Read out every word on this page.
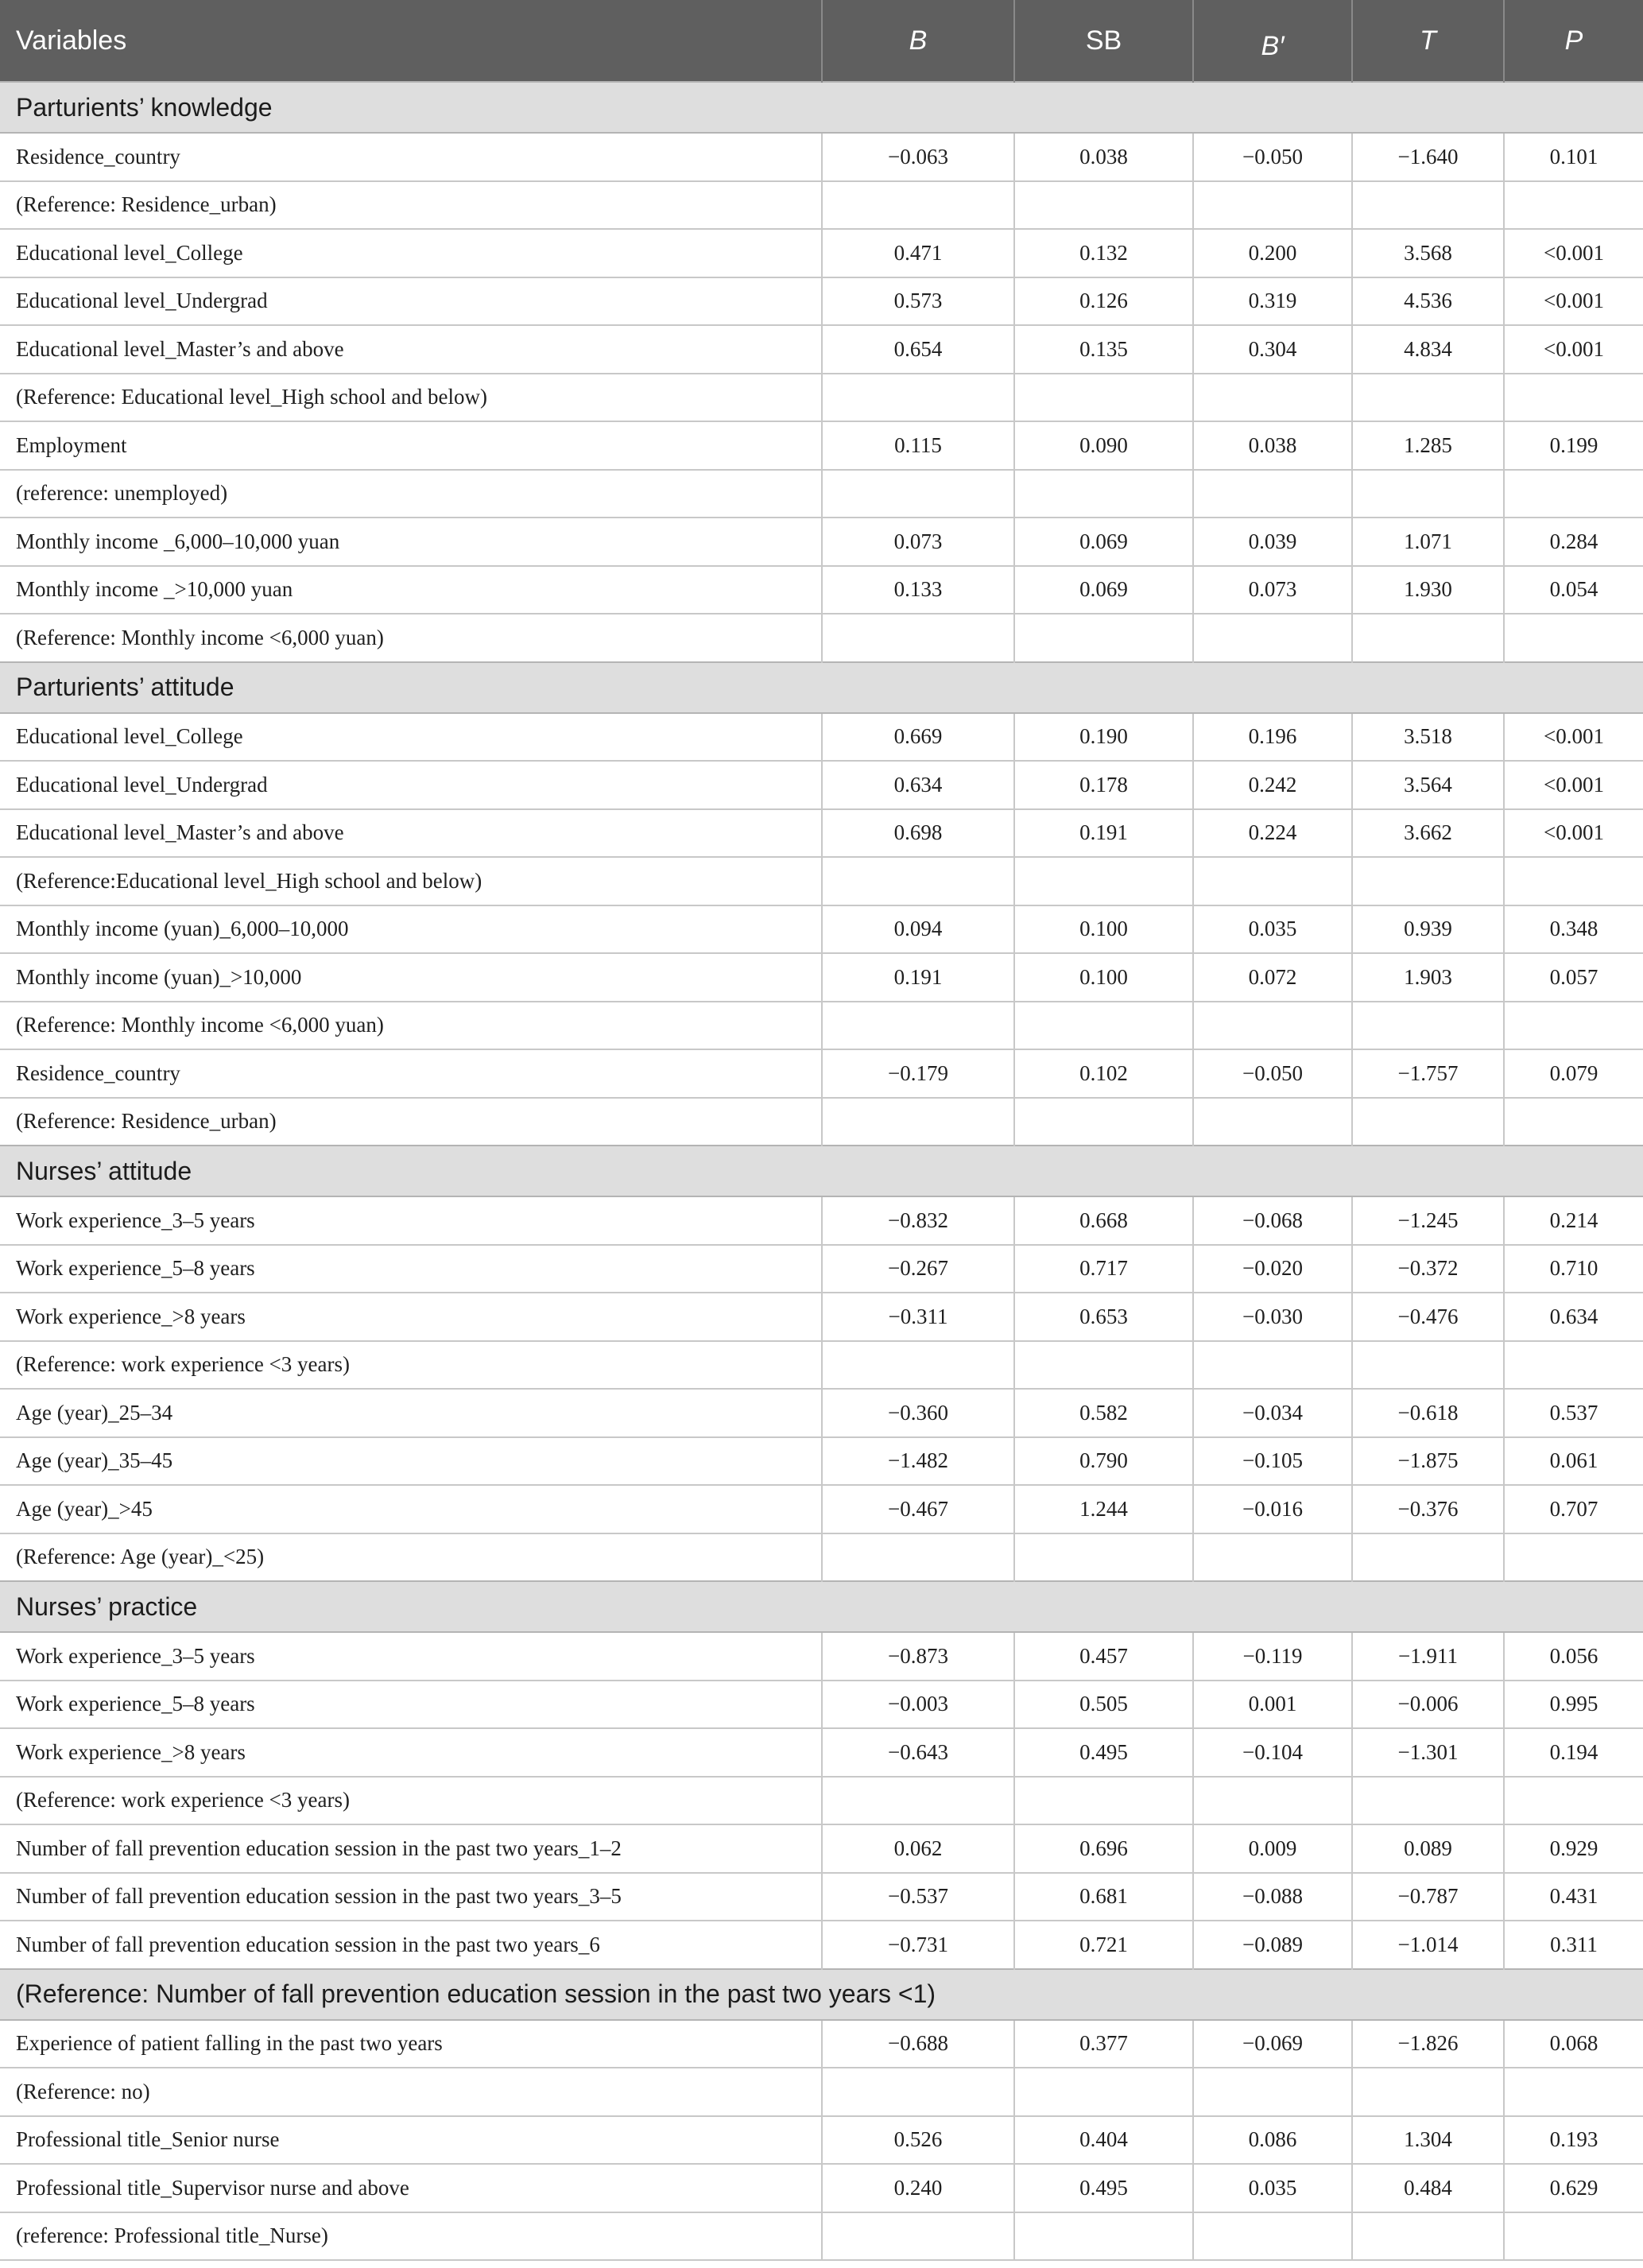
Variables	B	SB	B′	T	P
Parturients’ knowledge					
Residence_country	−0.063	0.038	−0.050	−1.640	0.101
(Reference: Residence_urban)					
Educational level_College	0.471	0.132	0.200	3.568	<0.001
Educational level_Undergrad	0.573	0.126	0.319	4.536	<0.001
Educational level_Master’s and above	0.654	0.135	0.304	4.834	<0.001
(Reference: Educational level_High school and below)					
Employment	0.115	0.090	0.038	1.285	0.199
(reference: unemployed)					
Monthly income _6,000–10,000 yuan	0.073	0.069	0.039	1.071	0.284
Monthly income _>10,000 yuan	0.133	0.069	0.073	1.930	0.054
(Reference: Monthly income <6,000 yuan)					
Parturients’ attitude					
Educational level_College	0.669	0.190	0.196	3.518	<0.001
Educational level_Undergrad	0.634	0.178	0.242	3.564	<0.001
Educational level_Master’s and above	0.698	0.191	0.224	3.662	<0.001
(Reference:Educational level_High school and below)					
Monthly income (yuan)_6,000–10,000	0.094	0.100	0.035	0.939	0.348
Monthly income (yuan)_>10,000	0.191	0.100	0.072	1.903	0.057
(Reference: Monthly income <6,000 yuan)					
Residence_country	−0.179	0.102	−0.050	−1.757	0.079
(Reference: Residence_urban)					
Nurses’ attitude					
Work experience_3–5 years	−0.832	0.668	−0.068	−1.245	0.214
Work experience_5–8 years	−0.267	0.717	−0.020	−0.372	0.710
Work experience_>8 years	−0.311	0.653	−0.030	−0.476	0.634
(Reference: work experience <3 years)					
Age (year)_25–34	−0.360	0.582	−0.034	−0.618	0.537
Age (year)_35–45	−1.482	0.790	−0.105	−1.875	0.061
Age (year)_>45	−0.467	1.244	−0.016	−0.376	0.707
(Reference: Age (year)_<25)					
Nurses’ practice					
Work experience_3–5 years	−0.873	0.457	−0.119	−1.911	0.056
Work experience_5–8 years	−0.003	0.505	0.001	−0.006	0.995
Work experience_>8 years	−0.643	0.495	−0.104	−1.301	0.194
(Reference: work experience <3 years)					
Number of fall prevention education session in the past two years_1–2	0.062	0.696	0.009	0.089	0.929
Number of fall prevention education session in the past two years_3–5	−0.537	0.681	−0.088	−0.787	0.431
Number of fall prevention education session in the past two years_6	−0.731	0.721	−0.089	−1.014	0.311
(Reference: Number of fall prevention education session in the past two years <1)					
Experience of patient falling in the past two years	−0.688	0.377	−0.069	−1.826	0.068
(Reference: no)					
Professional title_Senior nurse	0.526	0.404	0.086	1.304	0.193
Professional title_Supervisor nurse and above	0.240	0.495	0.035	0.484	0.629
(reference: Professional title_Nurse)					
